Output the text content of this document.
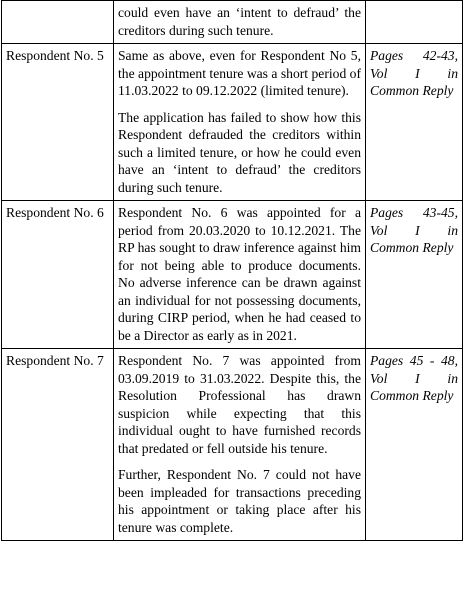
	could even have an ‘intent to defraud’ the creditors during such tenure.	

Respondent No. 5	Same as above, even for Respondent No 5, the appointment tenure was a short period of 11.03.2022 to 09.12.2022 (limited tenure).

The application has failed to show how this Respondent defrauded the creditors within such a limited tenure, or how he could even have an ‘intent to defraud’ the creditors during such tenure.	Pages 42-43, Vol I in Common Reply
Respondent No. 6	Respondent No. 6 was appointed for a period from 20.03.2020 to 10.12.2021. The RP has sought to draw inference against him for not being able to produce documents. No adverse inference can be drawn against an individual for not possessing documents, during CIRP period, when he had ceased to be a Director as early as in 2021.	Pages 43-45, Vol I in Common Reply
Respondent No. 7	Respondent No. 7 was appointed from 03.09.2019 to 31.03.2022. Despite this, the Resolution Professional has drawn suspicion while expecting that this individual ought to have furnished records that predated or fell outside his tenure.

Further, Respondent No. 7 could not have been impleaded for transactions preceding his appointment or taking place after his tenure was complete.	Pages 45 - 48, Vol I in Common Reply
